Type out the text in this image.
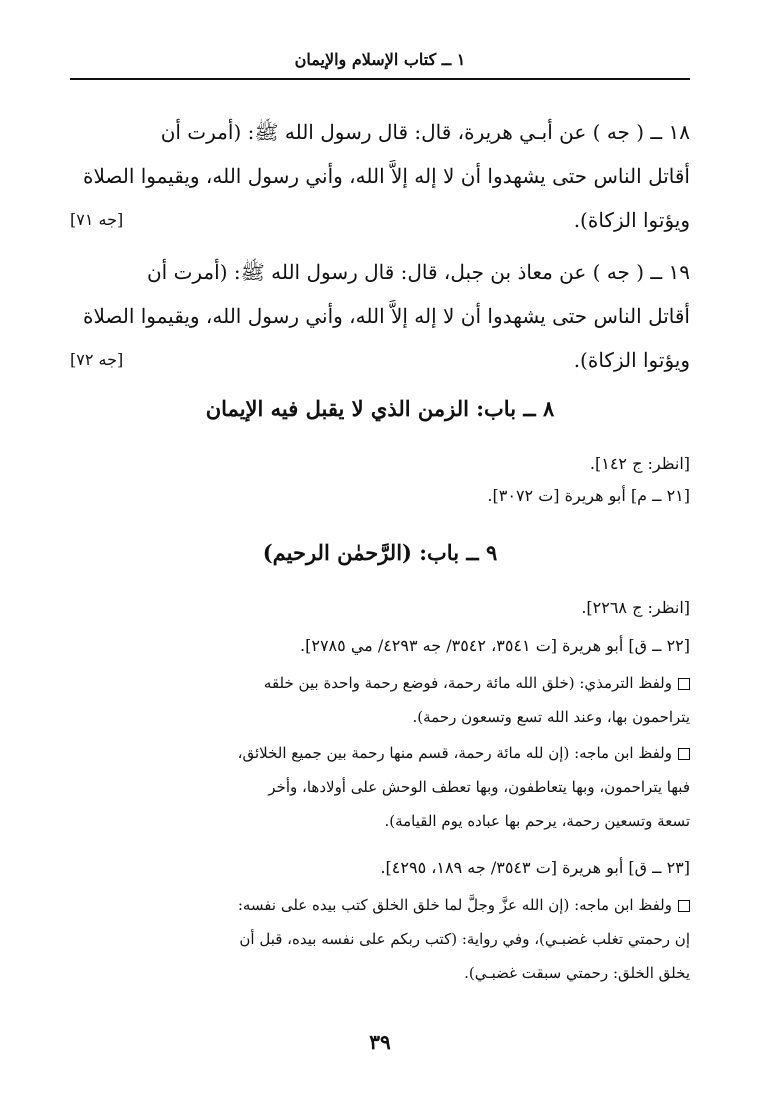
١ ــ كتاب الإسلام والإيمان

١٨ ــ ( جه ) عن أبـي هريرة، قال: قال رسول الله ﷺ: (أمرت أن

أقاتل الناس حتى يشهدوا أن لا إله إلاَّ الله، وأني رسول الله، ويقيموا الصلاة

ويؤتوا الزكاة).

[جه ٧١]

١٩ ــ ( جه ) عن معاذ بن جبل، قال: قال رسول الله ﷺ: (أمرت أن

أقاتل الناس حتى يشهدوا أن لا إله إلاَّ الله، وأني رسول الله، ويقيموا الصلاة

ويؤتوا الزكاة).

[جه ٧٢]
٨ ــ باب: الزمن الذي لا يقبل فيه الإيمان

[انظر: ج ١٤٢].

[٢١ ــ م] أبو هريرة [ت ٣٠٧٢].

٩ ــ باب: (الرَّحمٰن الرحيم)

[انظر: ج ٢٢٦٨].

[٢٢ ــ ق] أبو هريرة [ت ٣٥٤١، ٣٥٤٢/ جه ٤٢٩٣/ مي ٢٧٨٥].

ولفظ الترمذي: (خلق الله مائة رحمة، فوضع رحمة واحدة بين خلقه

يتراحمون بها، وعند الله تسع وتسعون رحمة).

ولفظ ابن ماجه: (إن لله مائة رحمة، قسم منها رحمة بين جميع الخلائق،

فبها يتراحمون، وبها يتعاطفون، وبها تعطف الوحش على أولادها، وأخر

تسعة وتسعين رحمة، يرحم بها عباده يوم القيامة).

[٢٣ ــ ق] أبو هريرة [ت ٣٥٤٣/ جه ١٨٩، ٤٢٩٥].

ولفظ ابن ماجه: (إن الله عزَّ وجلَّ لما خلق الخلق كتب بيده على نفسه:

إن رحمتي تغلب غضبـي)، وفي رواية: (كتب ربكم على نفسه بيده، قبل أن

يخلق الخلق: رحمتي سبقت غضبـي).

٣٩
